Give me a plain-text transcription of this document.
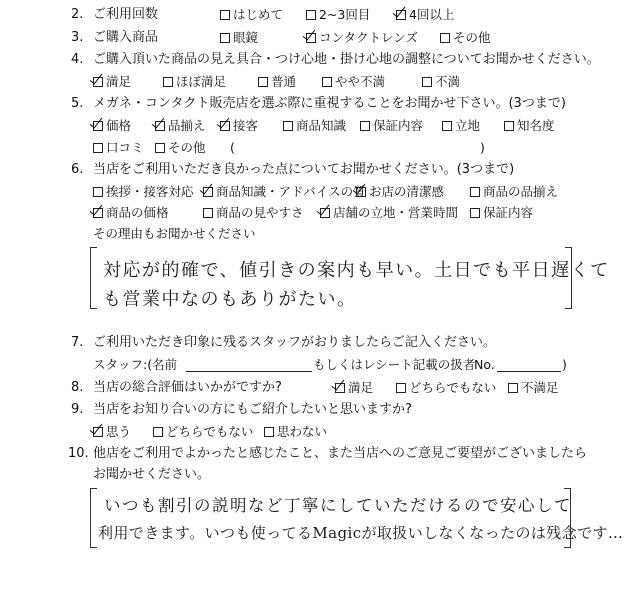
2. ご利用回数	はじめて	2~3回目	4回以上
3. ご購入商品	眼鏡	コンタクトレンズ	その他
4. ご購入頂いた商品の見え具合・つけ心地・掛け心地の調整についてお聞かせください。
満足	ほぼ満足	普通	やや不満	不満
5. メガネ・コンタクト販売店を選ぶ際に重視することをお聞かせ下さい。(3つまで)
価格	品揃え	接客	商品知識	保証内容	立地	知名度
口コミ	その他 (	)
6. 当店をご利用いただき良かった点についてお聞かせください。(3つまで)
挨拶・接客対応	商品知識・アドバイスの質 お店の清潔感	商品の品揃え
商品の価格	商品の見やすさ	店舗の立地・営業時間	保証内容
その理由もお聞かせください
対応が的確で、値引きの案内も早い。土日でも平日遅くて
も営業中なのもありがたい。
7. ご利用いただき印象に残るスタッフがおりましたらご記入ください。
スタッフ:(名前	もしくはレシート記載の扱者
No.	)
8. 当店の総合評価はいかがですか?	満足	どちらでもない	不満足
9. 当店をお知り合いの方にもご紹介したいと思いますか?
思う	どちらでもない	思わない
10. 他店をご利用でよかったと感じたこと、また当店へのご意見ご要望がございましたら
お聞かせください。
いつも割引の説明など丁寧にしていただけるので安心して
利用できます。いつも使ってるMagicが取扱いしなくなったのは残念です…
